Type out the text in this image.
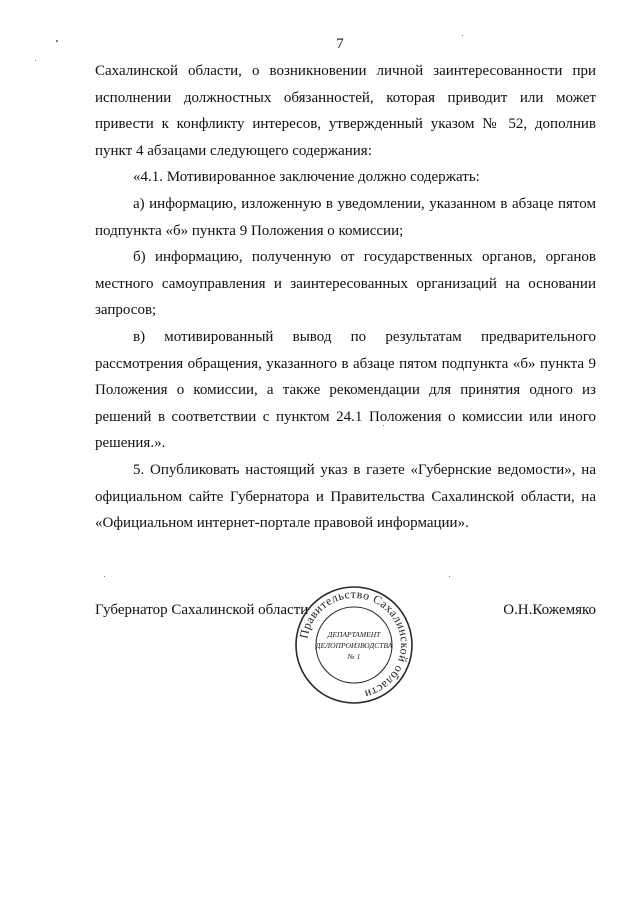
7

Сахалинской области, о возникновении личной заинтересованности при исполнении должностных обязанностей, которая приводит или может привести к конфликту интересов, утвержденный указом № 52, дополнив пункт 4 абзацами следующего содержания:

«4.1. Мотивированное заключение должно содержать:

а) информацию, изложенную в уведомлении, указанном в абзаце пятом подпункта «б» пункта 9 Положения о комиссии;

б) информацию, полученную от государственных органов, органов местного самоуправления и заинтересованных организаций на основании запросов;

в) мотивированный вывод по результатам предварительного рассмотрения обращения, указанного в абзаце пятом подпункта «б» пункта 9 Положения о комиссии, а также рекомендации для принятия одного из решений в соответствии с пунктом 24.1 Положения о комиссии или иного решения.».

5. Опубликовать настоящий указ в газете «Губернские ведомости», на официальном сайте Губернатора и Правительства Сахалинской области, на «Официальном интернет-портале правовой информации».

Губернатор Сахалинской области	О.Н.Кожемяко
Правительство Сахалинской области
ДЕПАРТАМЕНТ
ДЕЛОПРОИЗВОДСТВА
№ 1
